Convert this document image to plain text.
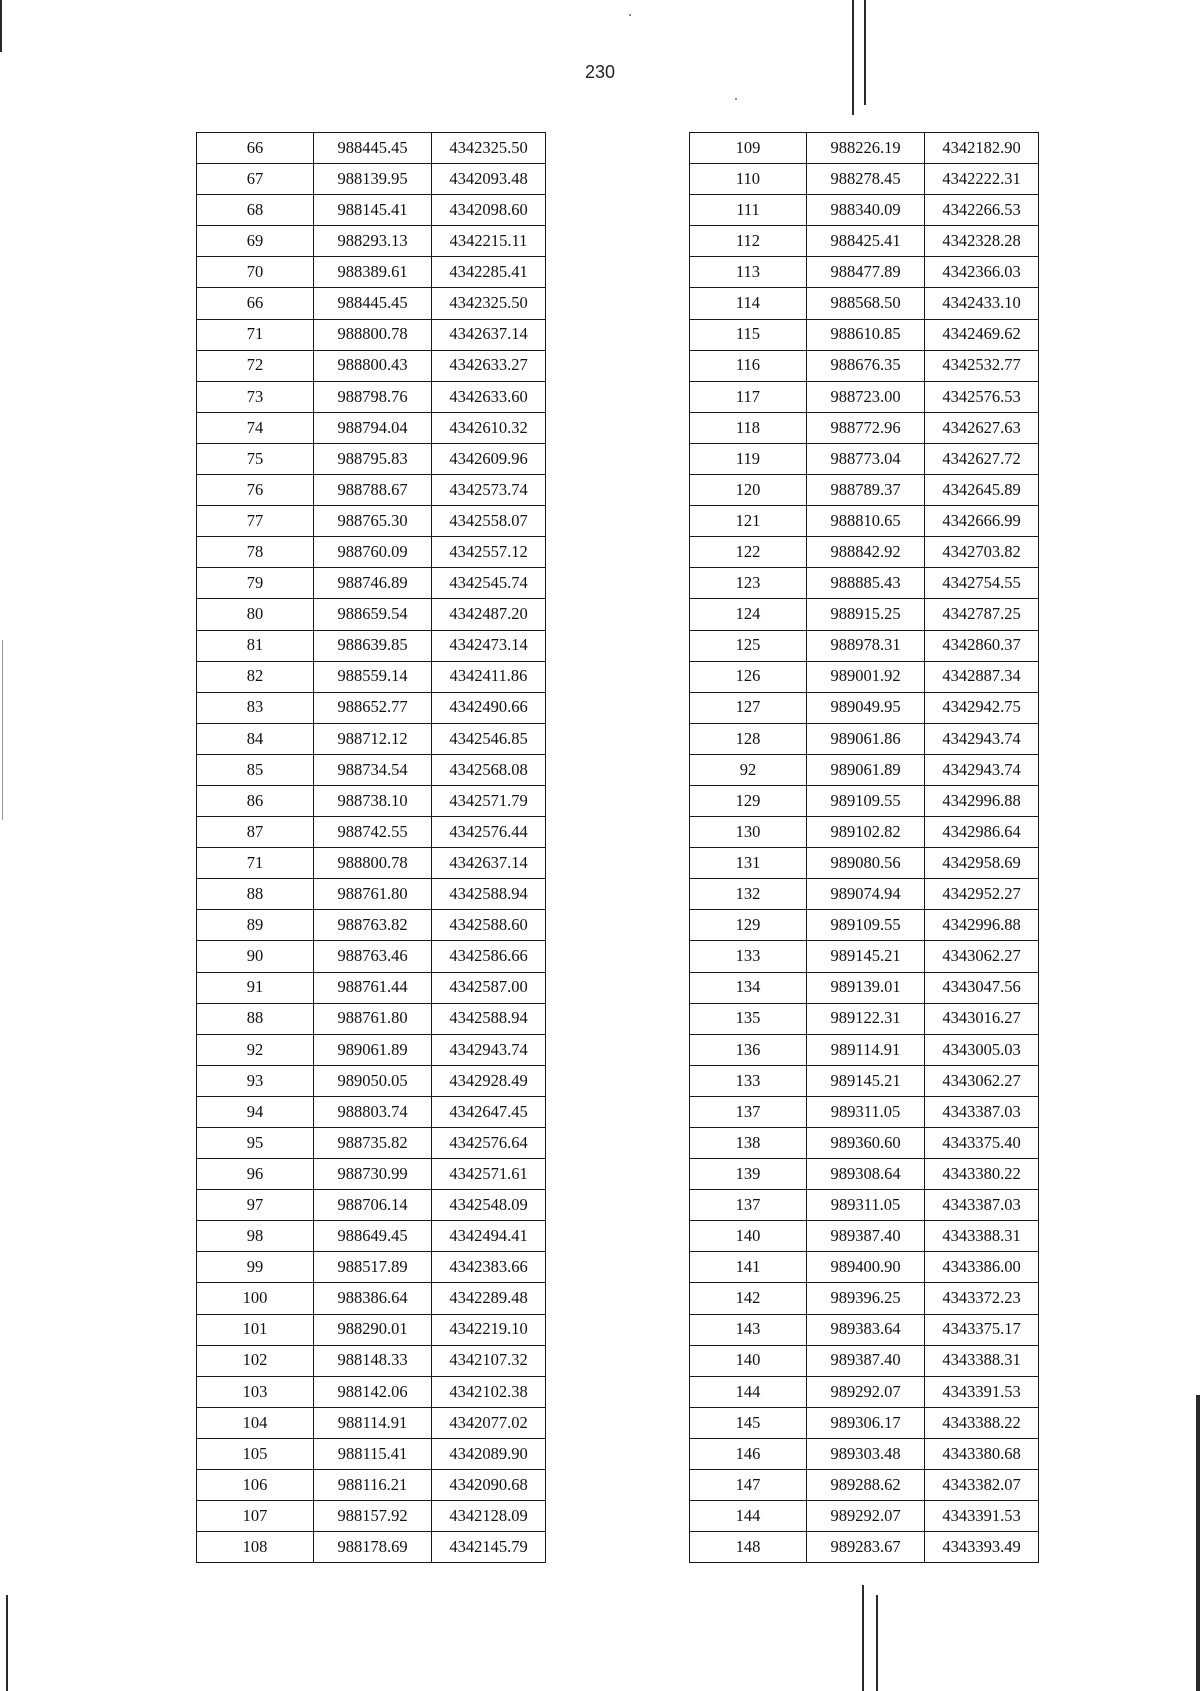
230
66	988445.45	4342325.50
67	988139.95	4342093.48
68	988145.41	4342098.60
69	988293.13	4342215.11
70	988389.61	4342285.41
66	988445.45	4342325.50
71	988800.78	4342637.14
72	988800.43	4342633.27
73	988798.76	4342633.60
74	988794.04	4342610.32
75	988795.83	4342609.96
76	988788.67	4342573.74
77	988765.30	4342558.07
78	988760.09	4342557.12
79	988746.89	4342545.74
80	988659.54	4342487.20
81	988639.85	4342473.14
82	988559.14	4342411.86
83	988652.77	4342490.66
84	988712.12	4342546.85
85	988734.54	4342568.08
86	988738.10	4342571.79
87	988742.55	4342576.44
71	988800.78	4342637.14
88	988761.80	4342588.94
89	988763.82	4342588.60
90	988763.46	4342586.66
91	988761.44	4342587.00
88	988761.80	4342588.94
92	989061.89	4342943.74
93	989050.05	4342928.49
94	988803.74	4342647.45
95	988735.82	4342576.64
96	988730.99	4342571.61
97	988706.14	4342548.09
98	988649.45	4342494.41
99	988517.89	4342383.66
100	988386.64	4342289.48
101	988290.01	4342219.10
102	988148.33	4342107.32
103	988142.06	4342102.38
104	988114.91	4342077.02
105	988115.41	4342089.90
106	988116.21	4342090.68
107	988157.92	4342128.09
108	988178.69	4342145.79
109	988226.19	4342182.90
110	988278.45	4342222.31
111	988340.09	4342266.53
112	988425.41	4342328.28
113	988477.89	4342366.03
114	988568.50	4342433.10
115	988610.85	4342469.62
116	988676.35	4342532.77
117	988723.00	4342576.53
118	988772.96	4342627.63
119	988773.04	4342627.72
120	988789.37	4342645.89
121	988810.65	4342666.99
122	988842.92	4342703.82
123	988885.43	4342754.55
124	988915.25	4342787.25
125	988978.31	4342860.37
126	989001.92	4342887.34
127	989049.95	4342942.75
128	989061.86	4342943.74
92	989061.89	4342943.74
129	989109.55	4342996.88
130	989102.82	4342986.64
131	989080.56	4342958.69
132	989074.94	4342952.27
129	989109.55	4342996.88
133	989145.21	4343062.27
134	989139.01	4343047.56
135	989122.31	4343016.27
136	989114.91	4343005.03
133	989145.21	4343062.27
137	989311.05	4343387.03
138	989360.60	4343375.40
139	989308.64	4343380.22
137	989311.05	4343387.03
140	989387.40	4343388.31
141	989400.90	4343386.00
142	989396.25	4343372.23
143	989383.64	4343375.17
140	989387.40	4343388.31
144	989292.07	4343391.53
145	989306.17	4343388.22
146	989303.48	4343380.68
147	989288.62	4343382.07
144	989292.07	4343391.53
148	989283.67	4343393.49
